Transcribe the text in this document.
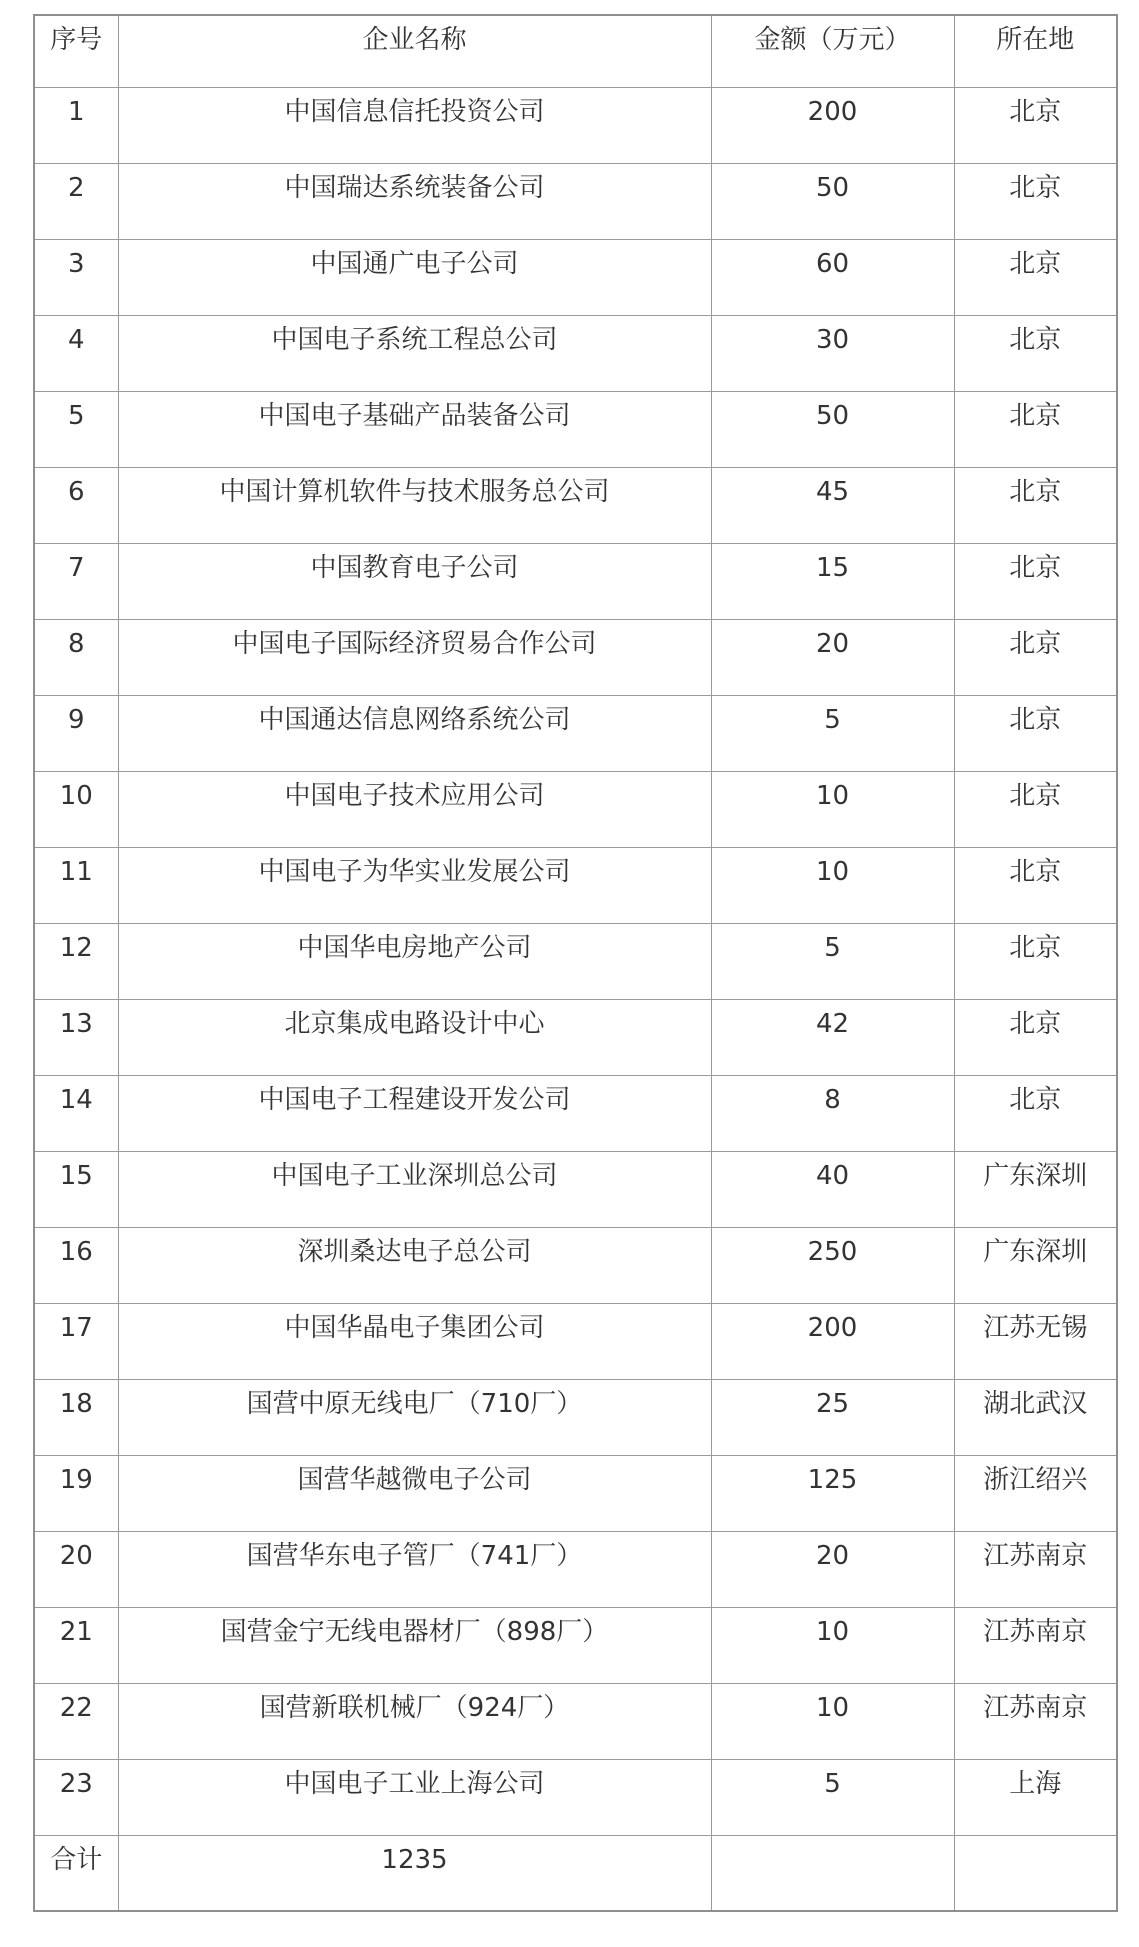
序号	企业名称	金额（万元）	所在地
1	中国信息信托投资公司	200	北京
2	中国瑞达系统装备公司	50	北京
3	中国通广电子公司	60	北京
4	中国电子系统工程总公司	30	北京
5	中国电子基础产品装备公司	50	北京
6	中国计算机软件与技术服务总公司	45	北京
7	中国教育电子公司	15	北京
8	中国电子国际经济贸易合作公司	20	北京
9	中国通达信息网络系统公司	5	北京
10	中国电子技术应用公司	10	北京
11	中国电子为华实业发展公司	10	北京
12	中国华电房地产公司	5	北京
13	北京集成电路设计中心	42	北京
14	中国电子工程建设开发公司	8	北京
15	中国电子工业深圳总公司	40	广东深圳
16	深圳桑达电子总公司	250	广东深圳
17	中国华晶电子集团公司	200	江苏无锡
18	国营中原无线电厂（710厂）	25	湖北武汉
19	国营华越微电子公司	125	浙江绍兴
20	国营华东电子管厂（741厂）	20	江苏南京
21	国营金宁无线电器材厂（898厂）	10	江苏南京
22	国营新联机械厂（924厂）	10	江苏南京
23	中国电子工业上海公司	5	上海
合计	1235		
